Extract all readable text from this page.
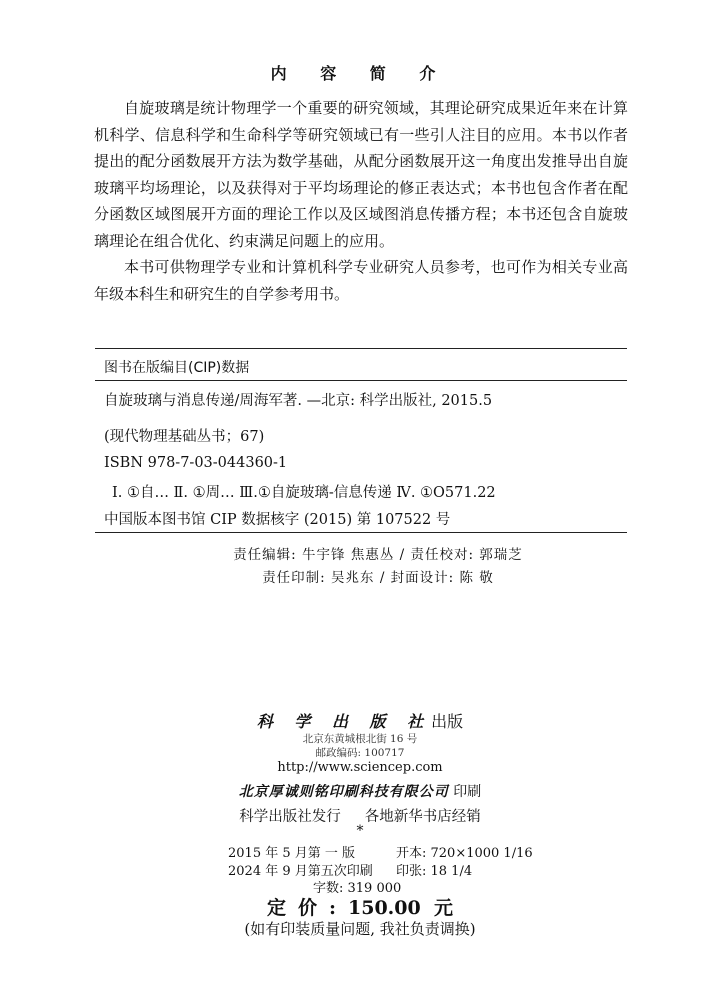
内 容 简 介

自旋玻璃是统计物理学一个重要的研究领域，其理论研究成果近年来在计算机科学、信息科学和生命科学等研究领域已有一些引人注目的应用。本书以作者提出的配分函数展开方法为数学基础，从配分函数展开这一角度出发推导出自旋玻璃平均场理论，以及获得对于平均场理论的修正表达式；本书也包含作者在配分函数区域图展开方面的理论工作以及区域图消息传播方程；本书还包含自旋玻璃理论在组合优化、约束满足问题上的应用。

本书可供物理学专业和计算机科学专业研究人员参考，也可作为相关专业高年级本科生和研究生的自学参考用书。

图书在版编目(CIP)数据
自旋玻璃与消息传递/周海军著. —北京: 科学出版社, 2015.5
(现代物理基础丛书；67)
ISBN 978-7-03-044360-1
Ⅰ. ①自… Ⅱ. ①周… Ⅲ.①自旋玻璃-信息传递 Ⅳ. ①O571.22
中国版本图书馆 CIP 数据核字 (2015) 第 107522 号
责任编辑: 牛宇锋 焦惠丛 / 责任校对: 郭瑞芝
责任印制: 吴兆东 / 封面设计: 陈 敬
科 学 出 版 社出版
北京东黄城根北街 16 号
邮政编码: 100717
http://www.sciencep.com
北京厚诚则铭印刷科技有限公司 印刷
科学出版社发行 各地新华书店经销
*
2015 年 5 月第 一 版	开本: 720×1000 1/16
2024 年 9 月第五次印刷 印张: 18 1/4
字数: 319 000
定价:150.00 元
(如有印装质量问题, 我社负责调换)
